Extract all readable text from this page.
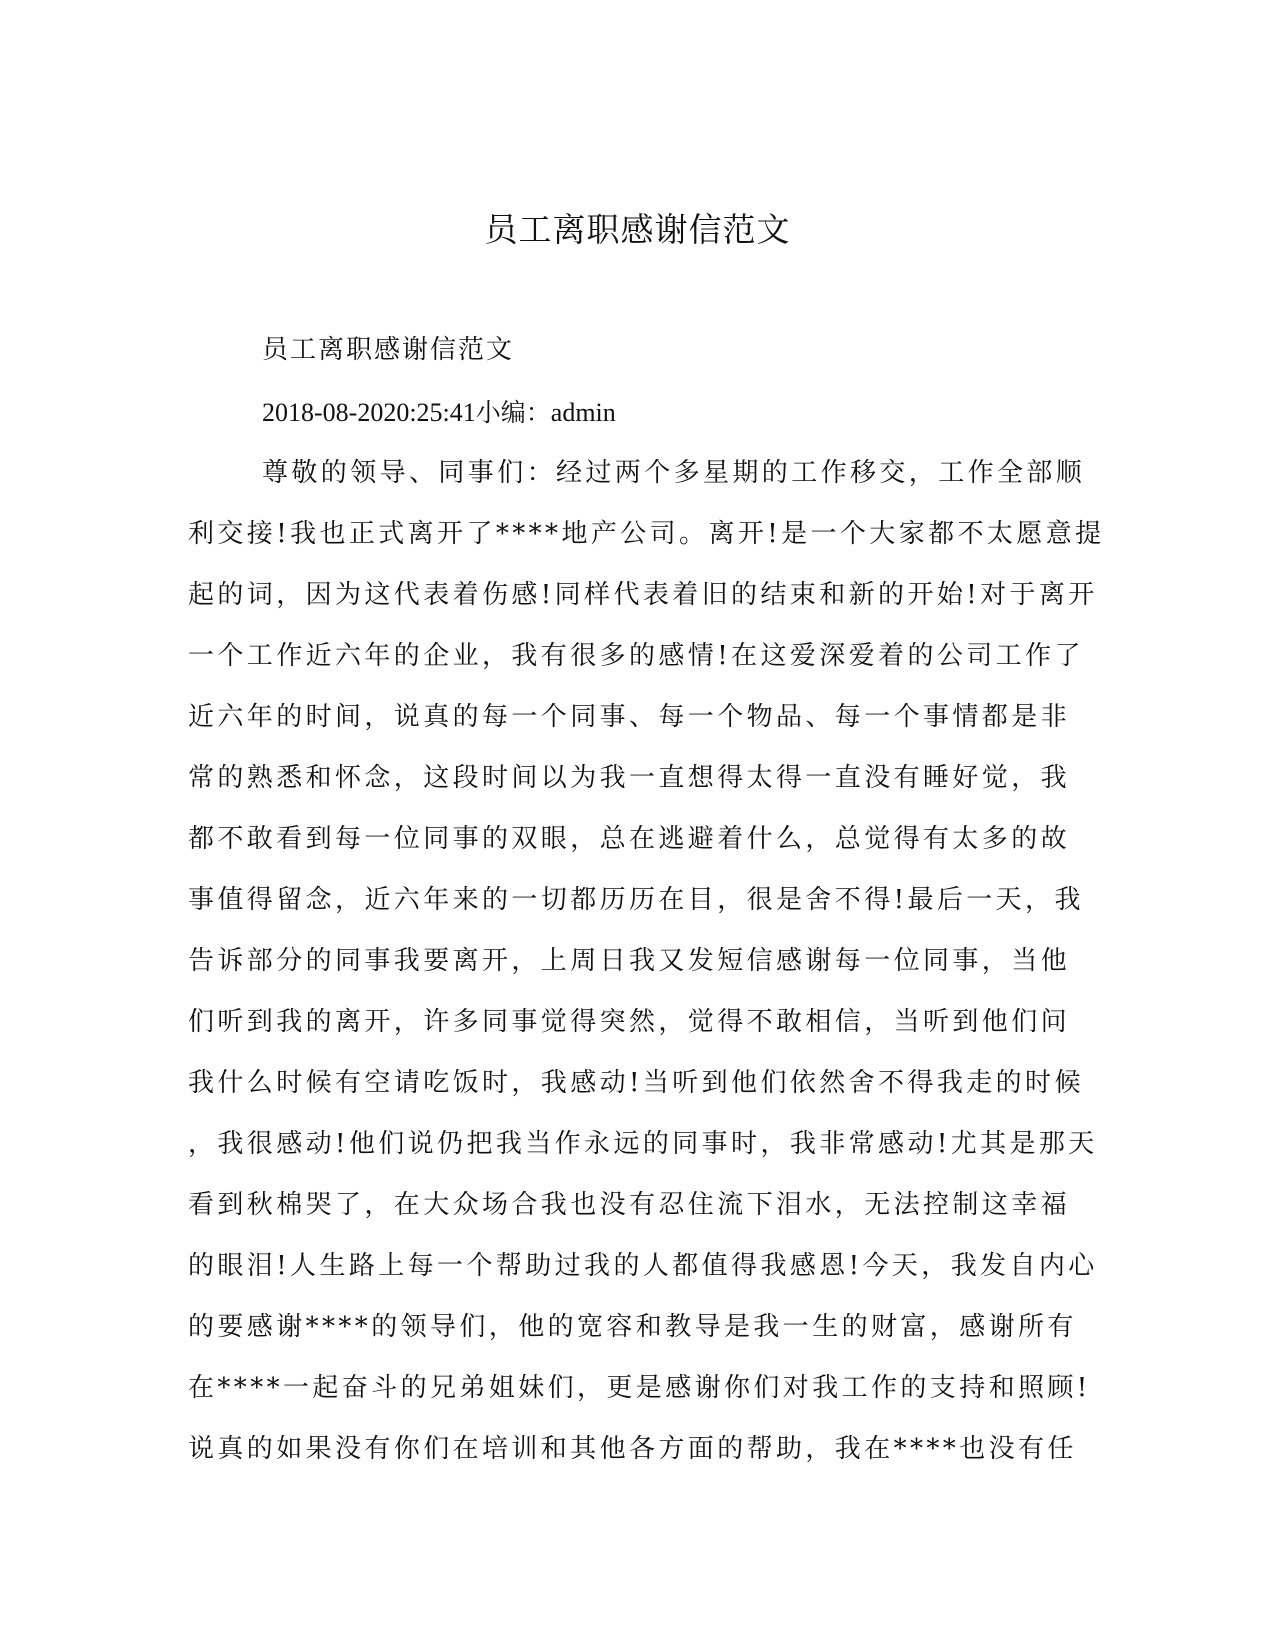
员工离职感谢信范文

员工离职感谢信范文

2018-08-2020:25:41小编：admin

尊敬的领导、同事们：经过两个多星期的工作移交，工作全部顺
利交接!我也正式离开了****地产公司。离开!是一个大家都不太愿意提
起的词，因为这代表着伤感!同样代表着旧的结束和新的开始!对于离开
一个工作近六年的企业，我有很多的感情!在这爱深爱着的公司工作了
近六年的时间，说真的每一个同事、每一个物品、每一个事情都是非
常的熟悉和怀念，这段时间以为我一直想得太得一直没有睡好觉，我
都不敢看到每一位同事的双眼，总在逃避着什么，总觉得有太多的故
事值得留念，近六年来的一切都历历在目，很是舍不得!最后一天，我
告诉部分的同事我要离开，上周日我又发短信感谢每一位同事，当他
们听到我的离开，许多同事觉得突然，觉得不敢相信，当听到他们问
我什么时候有空请吃饭时，我感动!当听到他们依然舍不得我走的时候
，我很感动!他们说仍把我当作永远的同事时，我非常感动!尤其是那天
看到秋棉哭了，在大众场合我也没有忍住流下泪水，无法控制这幸福
的眼泪!人生路上每一个帮助过我的人都值得我感恩!今天，我发自内心
的要感谢****的领导们，他的宽容和教导是我一生的财富，感谢所有
在****一起奋斗的兄弟姐妹们，更是感谢你们对我工作的支持和照顾!
说真的如果没有你们在培训和其他各方面的帮助，我在****也没有任
